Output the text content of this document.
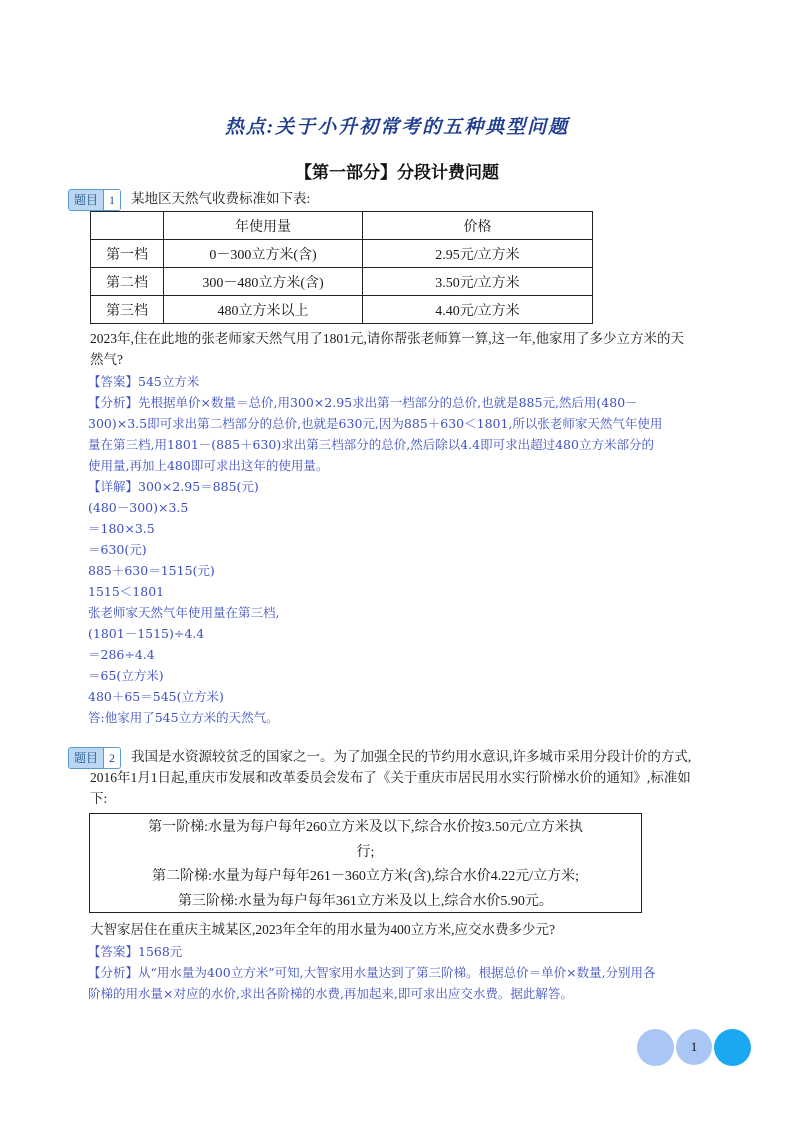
热点:关于小升初常考的五种典型问题
【第一部分】分段计费问题
题目 1	某地区天然气收费标准如下表:
	年使用量	价格
第一档	0－300立方米(含)	2.95元/立方米
第二档	300－480立方米(含)	3.50元/立方米
第三档	480立方米以上	4.40元/立方米
2023年,住在此地的张老师家天然气用了1801元,请你帮张老师算一算,这一年,他家用了多少立方米的天
然气?
【答案】545立方米
【分析】先根据单价×数量＝总价,用300×2.95求出第一档部分的总价,也就是885元,然后用(480－
300)×3.5即可求出第二档部分的总价,也就是630元,因为885＋630＜1801,所以张老师家天然气年使用
量在第三档,用1801－(885＋630)求出第三档部分的总价,然后除以4.4即可求出超过480立方米部分的
使用量,再加上480即可求出这年的使用量。
【详解】300×2.95＝885(元)
(480－300)×3.5
＝180×3.5
＝630(元)
885＋630＝1515(元)
1515＜1801
张老师家天然气年使用量在第三档,
(1801－1515)÷4.4
＝286÷4.4
＝65(立方米)
480＋65＝545(立方米)
答:他家用了545立方米的天然气。
题目 2	我国是水资源较贫乏的国家之一。为了加强全民的节约用水意识,许多城市采用分段计价的方式,
2016年1月1日起,重庆市发展和改革委员会发布了《关于重庆市居民用水实行阶梯水价的通知》,标准如
下:
第一阶梯:水量为每户每年260立方米及以下,综合水价按3.50元/立方米执
行;
第二阶梯:水量为每户每年261－360立方米(含),综合水价4.22元/立方米;
第三阶梯:水量为每户每年361立方米及以上,综合水价5.90元。
大智家居住在重庆主城某区,2023年全年的用水量为400立方米,应交水费多少元?
【答案】1568元
【分析】从“用水量为400立方米”可知,大智家用水量达到了第三阶梯。根据总价＝单价×数量,分别用各
阶梯的用水量×对应的水价,求出各阶梯的水费,再加起来,即可求出应交水费。据此解答。
1
